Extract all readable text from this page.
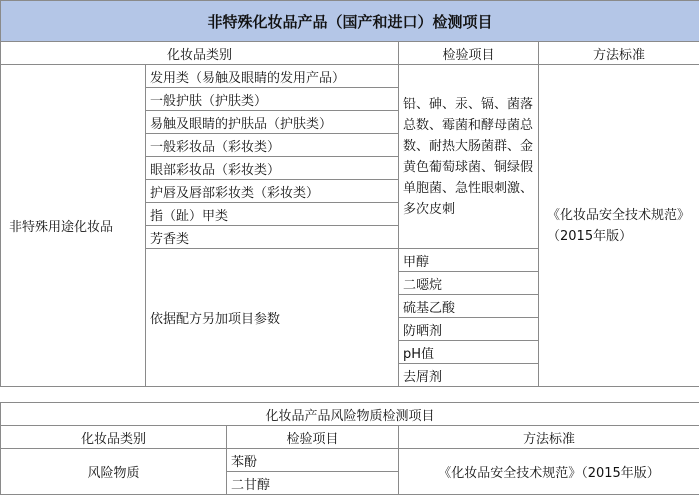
非特殊化妆品产品（国产和进口）检测项目			
化妆品类别		检验项目	方法标准
非特殊用途化妆品	发用类（易触及眼睛的发用产品）	铅、砷、汞、镉、菌落总数、霉菌和酵母菌总数、耐热大肠菌群、金黄色葡萄球菌、铜绿假单胞菌、急性眼刺激、多次皮刺	《化妆品安全技术规范》（2015年版）
	一般护肤（护肤类）		
	易触及眼睛的护肤品（护肤类）		
	一般彩妆品（彩妆类）		
	眼部彩妆品（彩妆类）		
	护唇及唇部彩妆类（彩妆类）		
	指（趾）甲类		
	芳香类		
	依据配方另加项目参数	甲醇	
		二噁烷	
		硫基乙酸	
		防晒剂	
		pH值	
		去屑剂	
化妆品产品风险物质检测项目		
化妆品类别	检验项目	方法标准
风险物质	苯酚	《化妆品安全技术规范》（2015年版）
	二甘醇	
